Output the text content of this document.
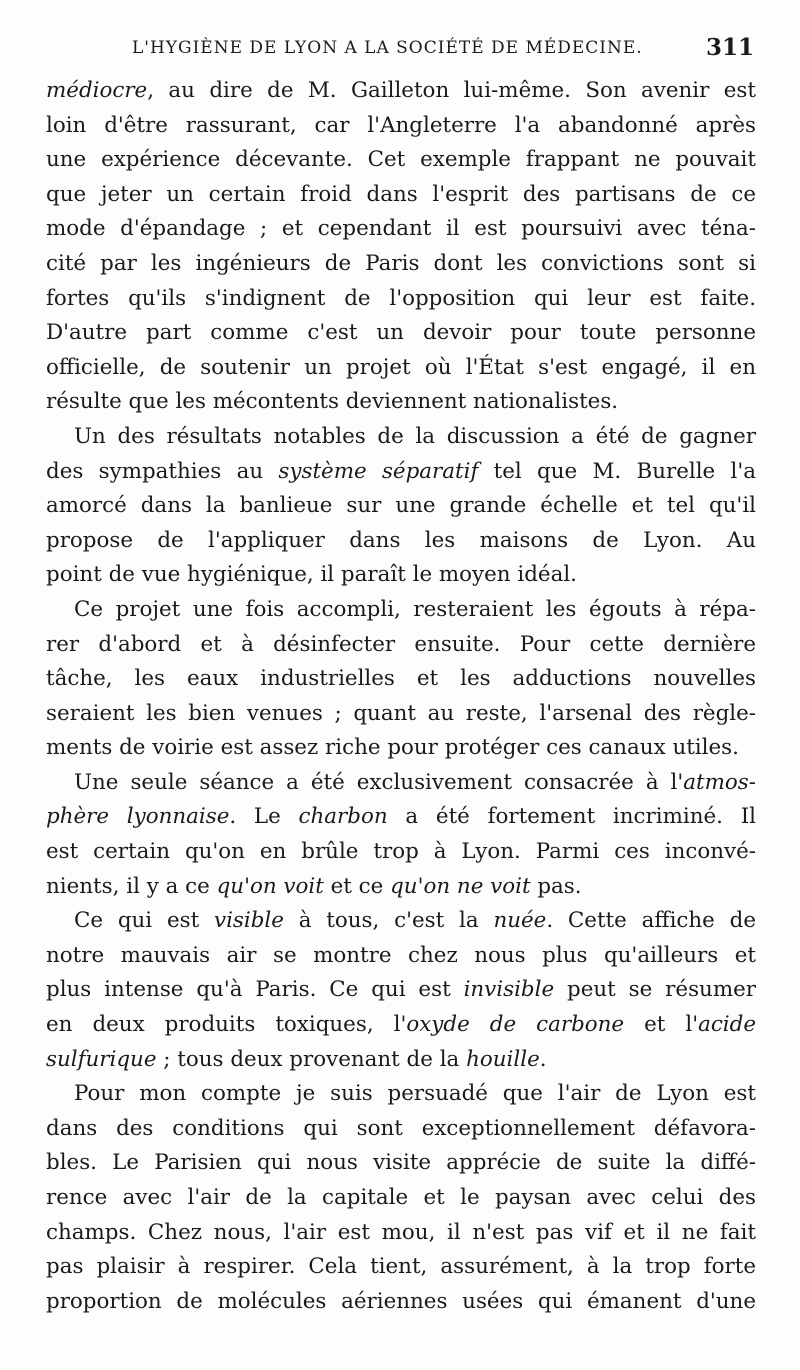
L'HYGIÈNE DE LYON A LA SOCIÉTÉ DE MÉDECINE.	311
médiocre, au dire de M. Gailleton lui-même. Son avenir est
loin d'être rassurant, car l'Angleterre l'a abandonné après
une expérience décevante. Cet exemple frappant ne pouvait
que jeter un certain froid dans l'esprit des partisans de ce
mode d'épandage ; et cependant il est poursuivi avec téna-
cité par les ingénieurs de Paris dont les convictions sont si
fortes qu'ils s'indignent de l'opposition qui leur est faite.
D'autre part comme c'est un devoir pour toute personne
officielle, de soutenir un projet où l'État s'est engagé, il en
résulte que les mécontents deviennent nationalistes.
Un des résultats notables de la discussion a été de gagner
des sympathies au système séparatif tel que M. Burelle l'a
amorcé dans la banlieue sur une grande échelle et tel qu'il
propose de l'appliquer dans les maisons de Lyon. Au
point de vue hygiénique, il paraît le moyen idéal.
Ce projet une fois accompli, resteraient les égouts à répa-
rer d'abord et à désinfecter ensuite. Pour cette dernière
tâche, les eaux industrielles et les adductions nouvelles
seraient les bien venues ; quant au reste, l'arsenal des règle-
ments de voirie est assez riche pour protéger ces canaux utiles.
Une seule séance a été exclusivement consacrée à l'atmos-
phère lyonnaise. Le charbon a été fortement incriminé. Il
est certain qu'on en brûle trop à Lyon. Parmi ces inconvé-
nients, il y a ce qu'on voit et ce qu'on ne voit pas.
Ce qui est visible à tous, c'est la nuée. Cette affiche de
notre mauvais air se montre chez nous plus qu'ailleurs et
plus intense qu'à Paris. Ce qui est invisible peut se résumer
en deux produits toxiques, l'oxyde de carbone et l'acide
sulfurique ; tous deux provenant de la houille.
Pour mon compte je suis persuadé que l'air de Lyon est
dans des conditions qui sont exceptionnellement défavora-
bles. Le Parisien qui nous visite apprécie de suite la diffé-
rence avec l'air de la capitale et le paysan avec celui des
champs. Chez nous, l'air est mou, il n'est pas vif et il ne fait
pas plaisir à respirer. Cela tient, assurément, à la trop forte
proportion de molécules aériennes usées qui émanent d'une
